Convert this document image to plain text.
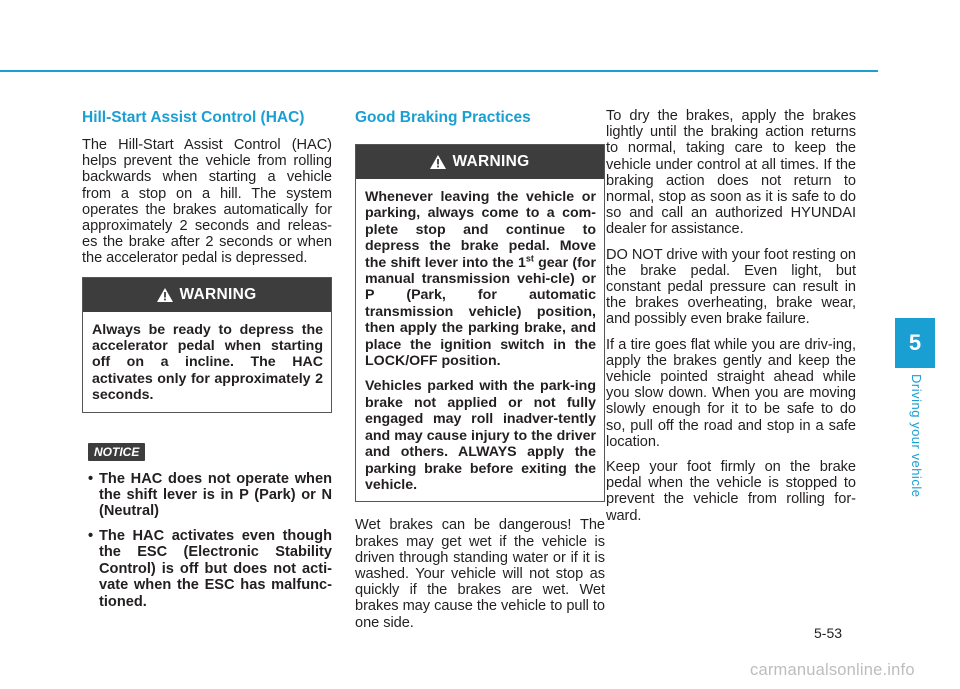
Hill-Start Assist Control (HAC)

The Hill-Start Assist Control (HAC) helps prevent the vehicle from rolling backwards when starting a vehicle from a stop on a hill. The system operates the brakes automatically for approximately 2 seconds and releas-es the brake after 2 seconds or when the accelerator pedal is depressed.

WARNING

Always be ready to depress the accelerator pedal when starting off on a incline. The HAC activates only for approximately 2 seconds.

NOTICE
• The HAC does not operate when the shift lever is in P (Park) or N (Neutral)
• The HAC activates even though the ESC (Electronic Stability Control) is off but does not acti-vate when the ESC has malfunc-tioned.
Good Braking Practices
WARNING

Whenever leaving the vehicle or parking, always come to a com-plete stop and continue to depress the brake pedal. Move the shift lever into the 1st gear (for manual transmission vehi-cle) or P (Park, for automatic transmission vehicle) position, then apply the parking brake, and place the ignition switch in the LOCK/OFF position.

Vehicles parked with the park-ing brake not applied or not fully engaged may roll inadver-tently and may cause injury to the driver and others. ALWAYS apply the parking brake before exiting the vehicle.

Wet brakes can be dangerous! The brakes may get wet if the vehicle is driven through standing water or if it is washed. Your vehicle will not stop as quickly if the brakes are wet. Wet brakes may cause the vehicle to pull to one side.

To dry the brakes, apply the brakes lightly until the braking action returns to normal, taking care to keep the vehicle under control at all times. If the braking action does not return to normal, stop as soon as it is safe to do so and call an authorized HYUNDAI dealer for assistance.

DO NOT drive with your foot resting on the brake pedal. Even light, but constant pedal pressure can result in the brakes overheating, brake wear, and possibly even brake failure.

If a tire goes flat while you are driv-ing, apply the brakes gently and keep the vehicle pointed straight ahead while you slow down. When you are moving slowly enough for it to be safe to do so, pull off the road and stop in a safe location.

Keep your foot firmly on the brake pedal when the vehicle is stopped to prevent the vehicle from rolling for-ward.

5
Driving your vehicle
5-53
carmanualsonline.info
